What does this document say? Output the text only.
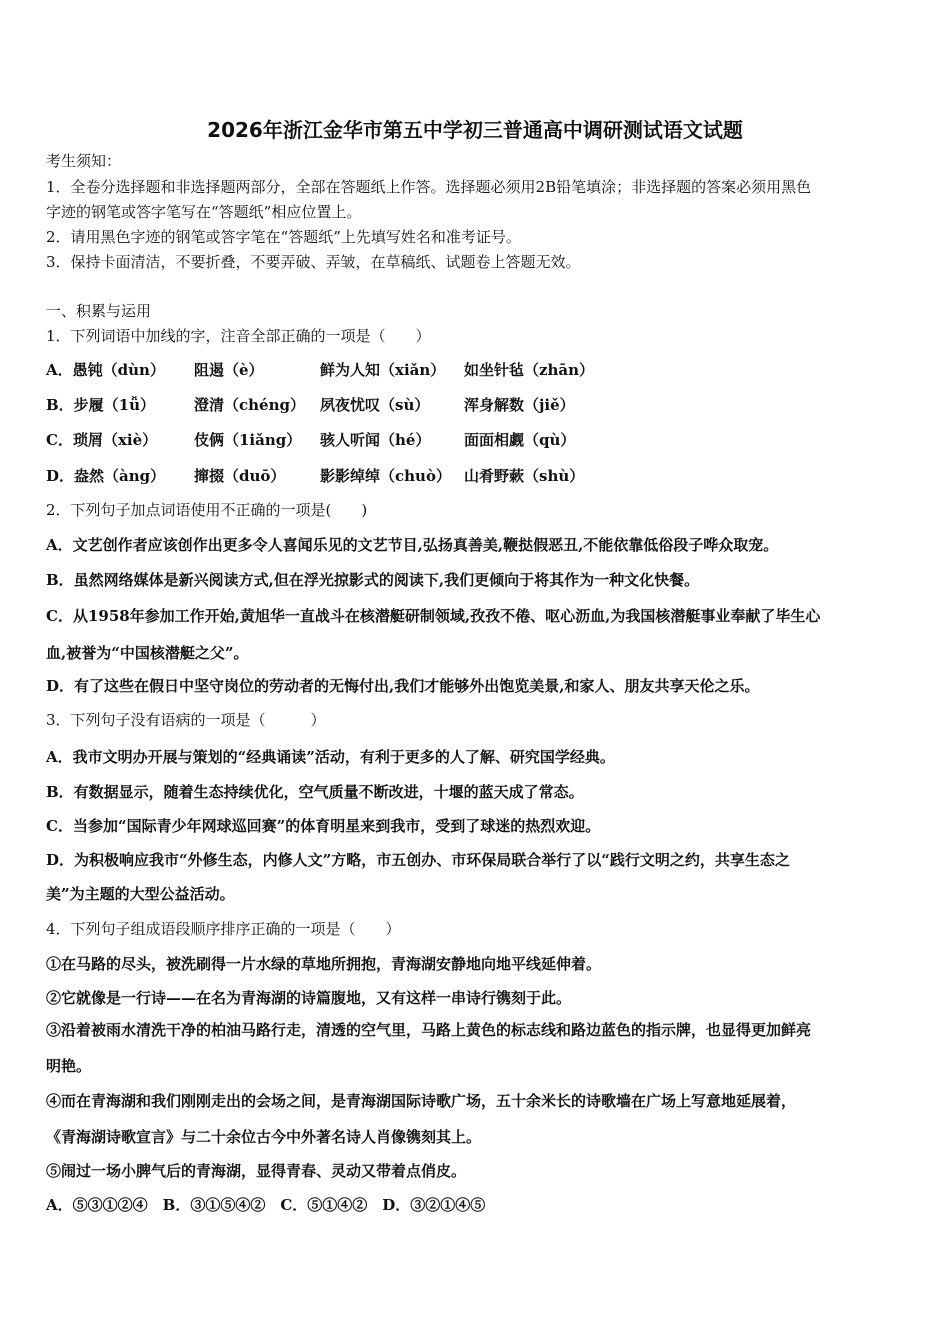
2026年浙江金华市第五中学初三普通高中调研测试语文试题
考生须知：
1．全卷分选择题和非选择题两部分，全部在答题纸上作答。选择题必须用2B铅笔填涂；非选择题的答案必须用黑色
字迹的钢笔或答字笔写在“答题纸”相应位置上。
2．请用黑色字迹的钢笔或答字笔在“答题纸”上先填写姓名和准考证号。
3．保持卡面清洁，不要折叠，不要弄破、弄皱，在草稿纸、试题卷上答题无效。
一、积累与运用
1．下列词语中加线的字，注音全部正确的一项是（　　）
A．愚钝（dùn） 阻遏（è）	鲜为人知（xiǎn） 如坐针毡（zhān）
B．步履（1ǚ）	澄清（chéng） 夙夜忧叹（sù） 浑身解数（jiě）
C．琐屑（xiè） 伎俩（1iǎng） 骇人听闻（hé） 面面相觑（qù）
D．盎然（àng） 撺掇（duō） 影影绰绰（chuò） 山肴野蔌（shù）
2．下列句子加点词语使用不正确的一项是(　　)
A．文艺创作者应该创作出更多令人喜闻乐见的文艺节目,弘扬真善美,鞭挞假恶丑,不能依靠低俗段子哗众取宠。
B．虽然网络媒体是新兴阅读方式,但在浮光掠影式的阅读下,我们更倾向于将其作为一种文化快餐。
C．从1958年参加工作开始,黄旭华一直战斗在核潜艇研制领域,孜孜不倦、呕心沥血,为我国核潜艇事业奉献了毕生心
血,被誉为“中国核潜艇之父”。
D．有了这些在假日中坚守岗位的劳动者的无悔付出,我们才能够外出饱览美景,和家人、朋友共享天伦之乐。
3．下列句子没有语病的一项是（　　　）
A．我市文明办开展与策划的“经典诵读”活动，有利于更多的人了解、研究国学经典。
B．有数据显示，随着生态持续优化，空气质量不断改进，十堰的蓝天成了常态。
C．当参加“国际青少年网球巡回赛”的体育明星来到我市，受到了球迷的热烈欢迎。
D．为积极响应我市“外修生态，内修人文”方略，市五创办、市环保局联合举行了以“践行文明之约，共享生态之
美”为主题的大型公益活动。
4．下列句子组成语段顺序排序正确的一项是（　　）
①在马路的尽头，被洗刷得一片水绿的草地所拥抱，青海湖安静地向地平线延伸着。
②它就像是一行诗——在名为青海湖的诗篇腹地，又有这样一串诗行镌刻于此。
③沿着被雨水清洗干净的柏油马路行走，清透的空气里，马路上黄色的标志线和路边蓝色的指示牌，也显得更加鲜亮
明艳。
④而在青海湖和我们刚刚走出的会场之间，是青海湖国际诗歌广场，五十余米长的诗歌墙在广场上写意地延展着，
《青海湖诗歌宣言》与二十余位古今中外著名诗人肖像镌刻其上。
⑤闹过一场小脾气后的青海湖，显得青春、灵动又带着点俏皮。
A．⑤③①②④　B．③①⑤④②　C．⑤①④②　D．③②①④⑤
